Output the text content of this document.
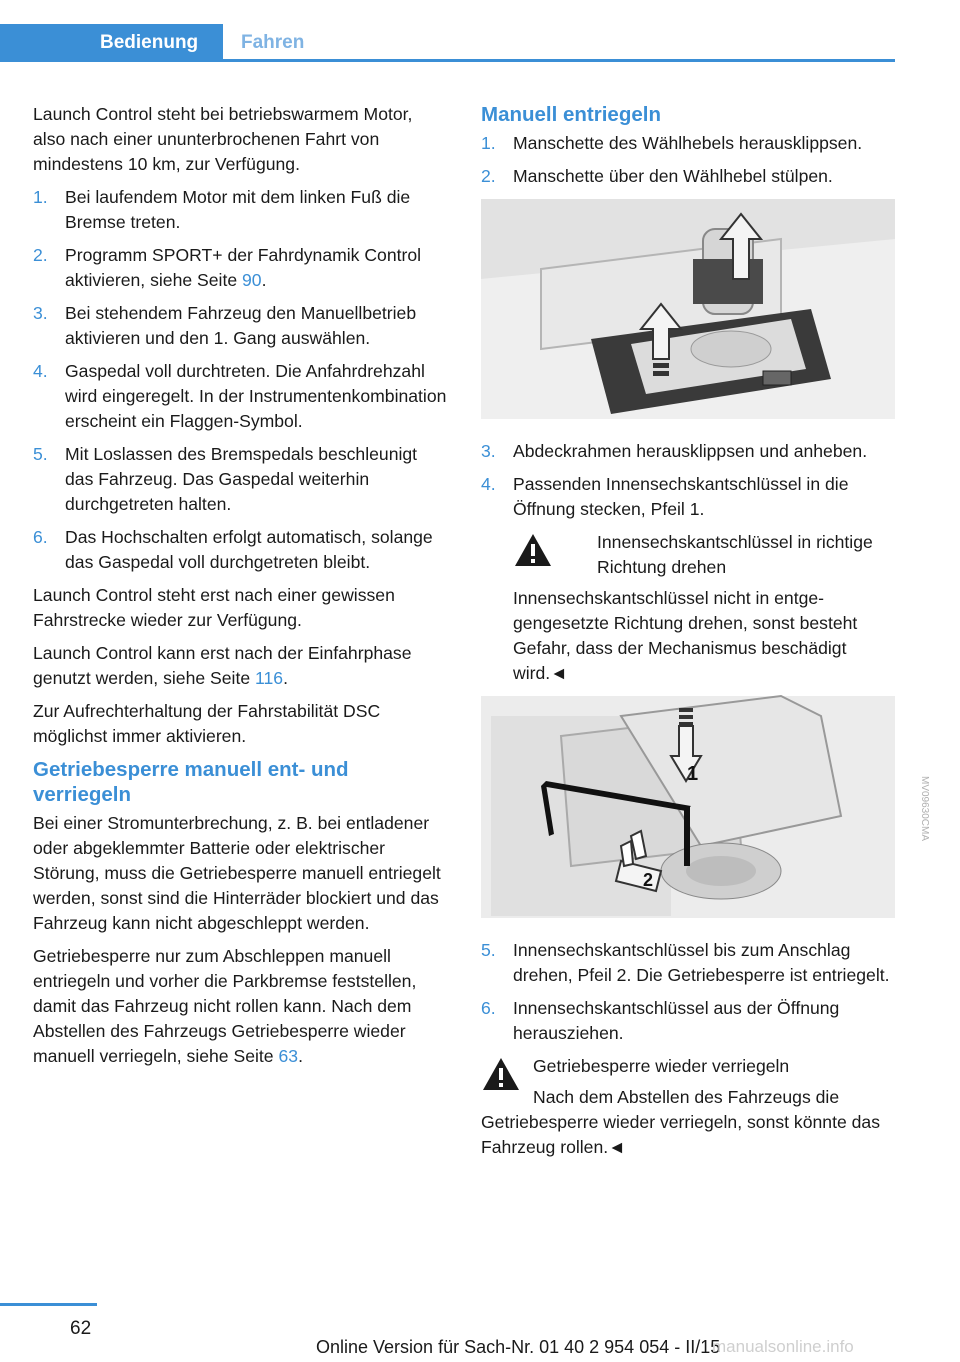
Bedienung	Fahren

Launch Control steht bei betriebswarmem Motor, also nach einer ununterbrochenen Fahrt von mindestens 10 km, zur Verfügung.

1. Bei laufendem Motor mit dem linken Fuß die Bremse treten.
2. Programm SPORT+ der Fahrdynamik Control aktivieren, siehe Seite 90.
3. Bei stehendem Fahrzeug den Manuellbetrieb aktivieren und den 1. Gang auswählen.
4. Gaspedal voll durchtreten. Die Anfahrdrehzahl wird eingeregelt. In der Instrumentenkombination erscheint ein Flaggen-Symbol.
5. Mit Loslassen des Bremspedals beschleunigt das Fahrzeug. Das Gaspedal weiterhin durchgetreten halten.
6. Das Hochschalten erfolgt automatisch, solange das Gaspedal voll durchgetreten bleibt.

Launch Control steht erst nach einer gewissen Fahrstrecke wieder zur Verfügung.

Launch Control kann erst nach der Einfahrphase genutzt werden, siehe Seite 116.

Zur Aufrechterhaltung der Fahrstabilität DSC möglichst immer aktivieren.

Getriebesperre manuell ent- und verriegeln

Bei einer Stromunterbrechung, z. B. bei entladener oder abgeklemmter Batterie oder elektrischer Störung, muss die Getriebesperre manuell entriegelt werden, sonst sind die Hinterräder blockiert und das Fahrzeug kann nicht abgeschleppt werden.

Getriebesperre nur zum Abschleppen manuell entriegeln und vorher die Parkbremse feststellen, damit das Fahrzeug nicht rollen kann. Nach dem Abstellen des Fahrzeugs Getriebesperre wieder manuell verriegeln, siehe Seite 63.

Manuell entriegeln
1. Manschette des Wählhebels herausklippsen.
2. Manschette über den Wählhebel stülpen.
3. Abdeckrahmen herausklippsen und anheben.
4. Passenden Innensechskantschlüssel in die Öffnung stecken, Pfeil 1.
Innensechskantschlüssel in richtige Richtung drehen

Innensechskantschlüssel nicht in entgegengesetzte Richtung drehen, sonst besteht Gefahr, dass der Mechanismus beschädigt wird.◄

1
2
MV09630CMA
5. Innensechskantschlüssel bis zum Anschlag drehen, Pfeil 2. Die Getriebesperre ist entriegelt.
6. Innensechskantschlüssel aus der Öffnung herausziehen.
Getriebesperre wieder verriegeln

Nach dem Abstellen des Fahrzeugs die Getriebesperre wieder verriegeln, sonst könnte das Fahrzeug rollen.◄

62
Online Version für Sach-Nr. 01 40 2 954 054 - II/15
manualsonline.info
